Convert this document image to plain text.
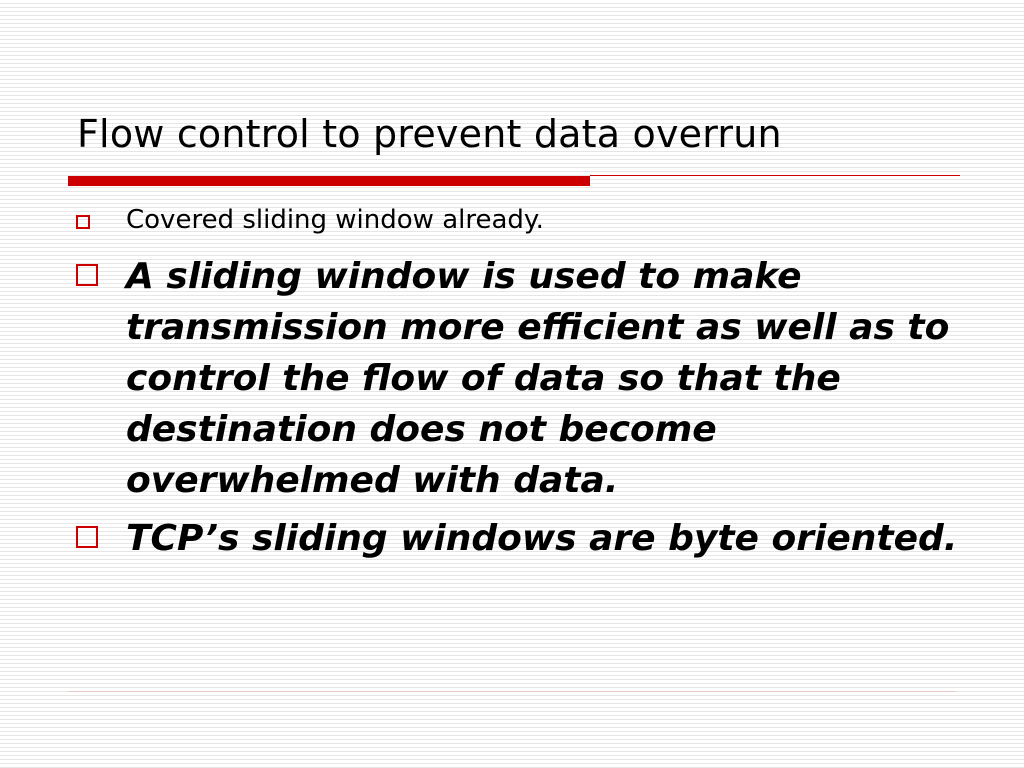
Flow control to prevent data overrun
Covered sliding window already.
A sliding window is used to make transmission more efficient as well as to control the flow of data so that the destination does not become overwhelmed with data.
TCP’s sliding windows are byte oriented.
